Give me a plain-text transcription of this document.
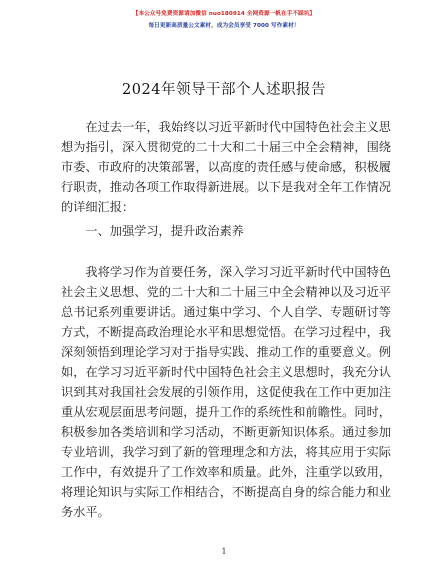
【本公众号免费资源请加微信 nuo180914 全网资源一帆在手不踩坑】
每日更新高质量公文素材，成为会员享受 7000 写作素材！
2024年领导干部个人述职报告

在过去一年，我始终以习近平新时代中国特色社会主义思想为指引，深入贯彻党的二十大和二十届三中全会精神，围绕市委、市政府的决策部署，以高度的责任感与使命感，积极履行职责，推动各项工作取得新进展。以下是我对全年工作情况的详细汇报：

一、加强学习，提升政治素养

我将学习作为首要任务，深入学习习近平新时代中国特色社会主义思想、党的二十大和二十届三中全会精神以及习近平总书记系列重要讲话。通过集中学习、个人自学、专题研讨等方式，不断提高政治理论水平和思想觉悟。在学习过程中，我深刻领悟到理论学习对于指导实践、推动工作的重要意义。例如，在学习习近平新时代中国特色社会主义思想时，我充分认识到其对我国社会发展的引领作用，这促使我在工作中更加注重从宏观层面思考问题，提升工作的系统性和前瞻性。同时，积极参加各类培训和学习活动，不断更新知识体系。通过参加专业培训，我学习到了新的管理理念和方法，将其应用于实际工作中，有效提升了工作效率和质量。此外，注重学以致用，将理论知识与实际工作相结合，不断提高自身的综合能力和业务水平。

1
